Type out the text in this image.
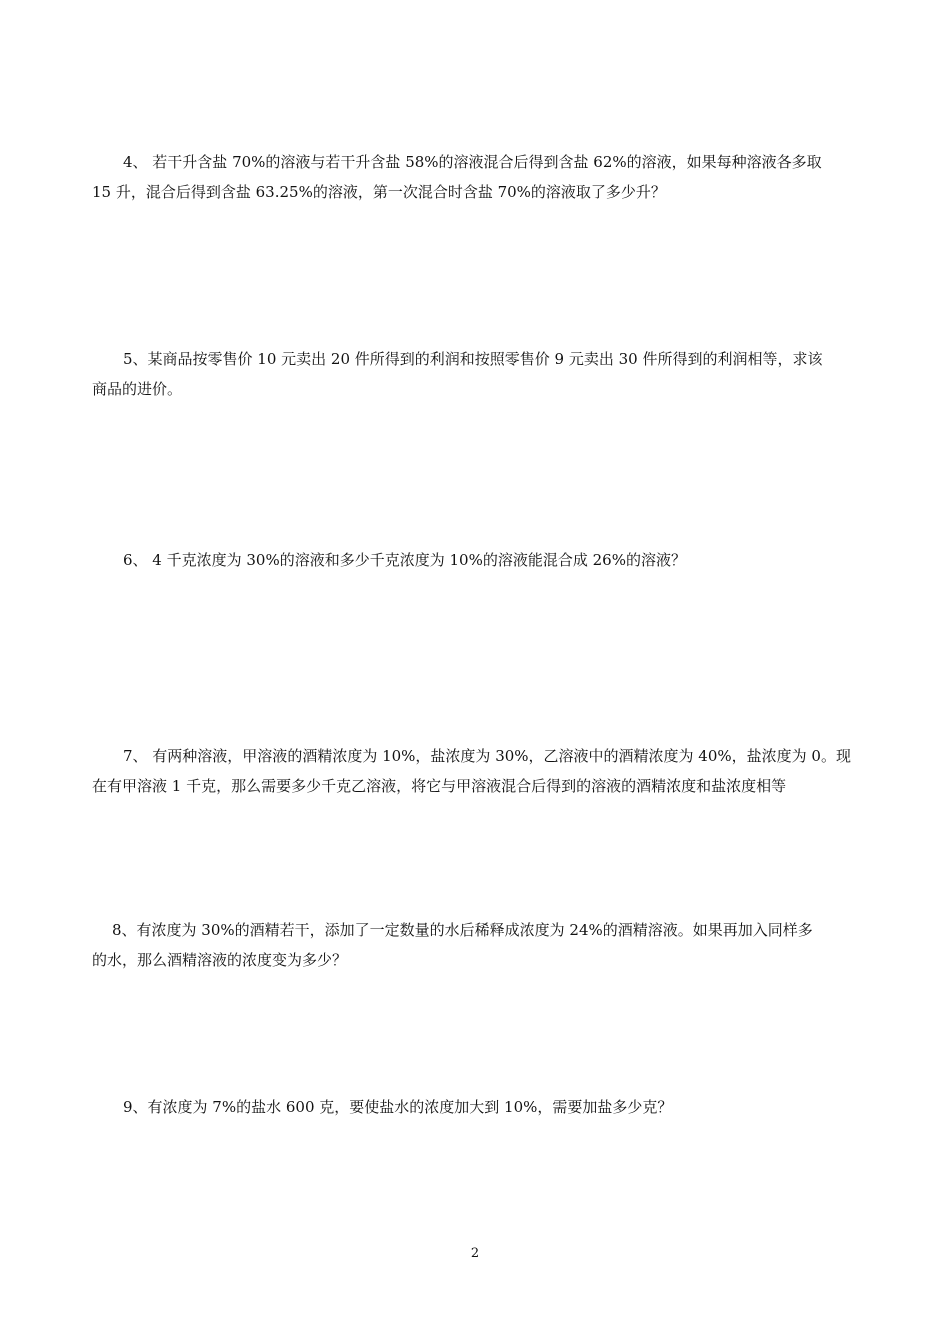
4、 若干升含盐 70%的溶液与若干升含盐 58%的溶液混合后得到含盐 62%的溶液，如果每种溶液各多取
15 升，混合后得到含盐 63.25%的溶液，第一次混合时含盐 70%的溶液取了多少升？

5、某商品按零售价 10 元卖出 20 件所得到的利润和按照零售价 9 元卖出 30 件所得到的利润相等，求该
商品的进价。

6、 4 千克浓度为 30%的溶液和多少千克浓度为 10%的溶液能混合成 26%的溶液？

7、 有两种溶液，甲溶液的酒精浓度为 10%，盐浓度为 30%，乙溶液中的酒精浓度为 40%，盐浓度为 0。现
在有甲溶液 1 千克，那么需要多少千克乙溶液，将它与甲溶液混合后得到的溶液的酒精浓度和盐浓度相等

8、有浓度为 30%的酒精若干，添加了一定数量的水后稀释成浓度为 24%的酒精溶液。如果再加入同样多
的水，那么酒精溶液的浓度变为多少？

9、有浓度为 7%的盐水 600 克，要使盐水的浓度加大到 10%，需要加盐多少克？

2
